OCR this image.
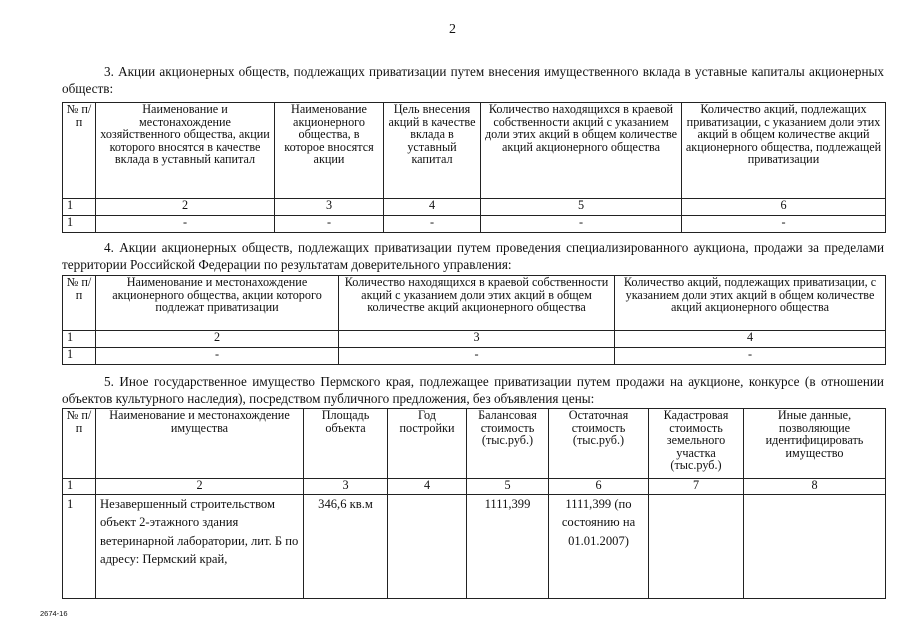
2
3. Акции акционерных обществ, подлежащих приватизации путем внесения имущественного вклада в уставные капиталы акционерных обществ:
№ п/п	Наименование и местонахождение хозяйственного общества, акции которого вносятся в качестве вклада в уставный капитал	Наименование акционерного общества, в которое вносятся акции	Цель внесения акций в качестве вклада в уставный капитал	Количество находящихся в краевой собственности акций с указанием доли этих акций в общем количестве акций акционерного общества	Количество акций, подлежащих приватизации, с указанием доли этих акций в общем количестве акций акционерного общества, подлежащей приватизации
1	2	3	4	5	6
1	-	-	-	-	-
4. Акции акционерных обществ, подлежащих приватизации путем проведения специализированного аукциона, продажи за пределами территории Российской Федерации по результатам доверительного управления:
№ п/п	Наименование и местонахождение акционерного общества, акции которого подлежат приватизации	Количество находящихся в краевой собственности акций с указанием доли этих акций в общем количестве акций акционерного общества	Количество акций, подлежащих приватизации, с указанием доли этих акций в общем количестве акций акционерного общества
1	2	3	4
1	-	-	-
5. Иное государственное имущество Пермского края, подлежащее приватизации путем продажи на аукционе, конкурсе (в отношении объектов культурного наследия), посредством публичного предложения, без объявления цены:
№ п/п	Наименование и местонахождение имущества	Площадь объекта	Год постройки	Балансовая стоимость (тыс.руб.)	Остаточная стоимость (тыс.руб.)	Кадастровая стоимость земельного участка (тыс.руб.)	Иные данные, позволяющие идентифицировать имущество
1	2	3	4	5	6	7	8
1	Незавершенный строительством объект 2-этажного здания ветеринарной лаборатории, лит. Б по адресу: Пермский край,	346,6 кв.м		1111,399	1111,399 (по состоянию на 01.01.2007)		
2674-16
